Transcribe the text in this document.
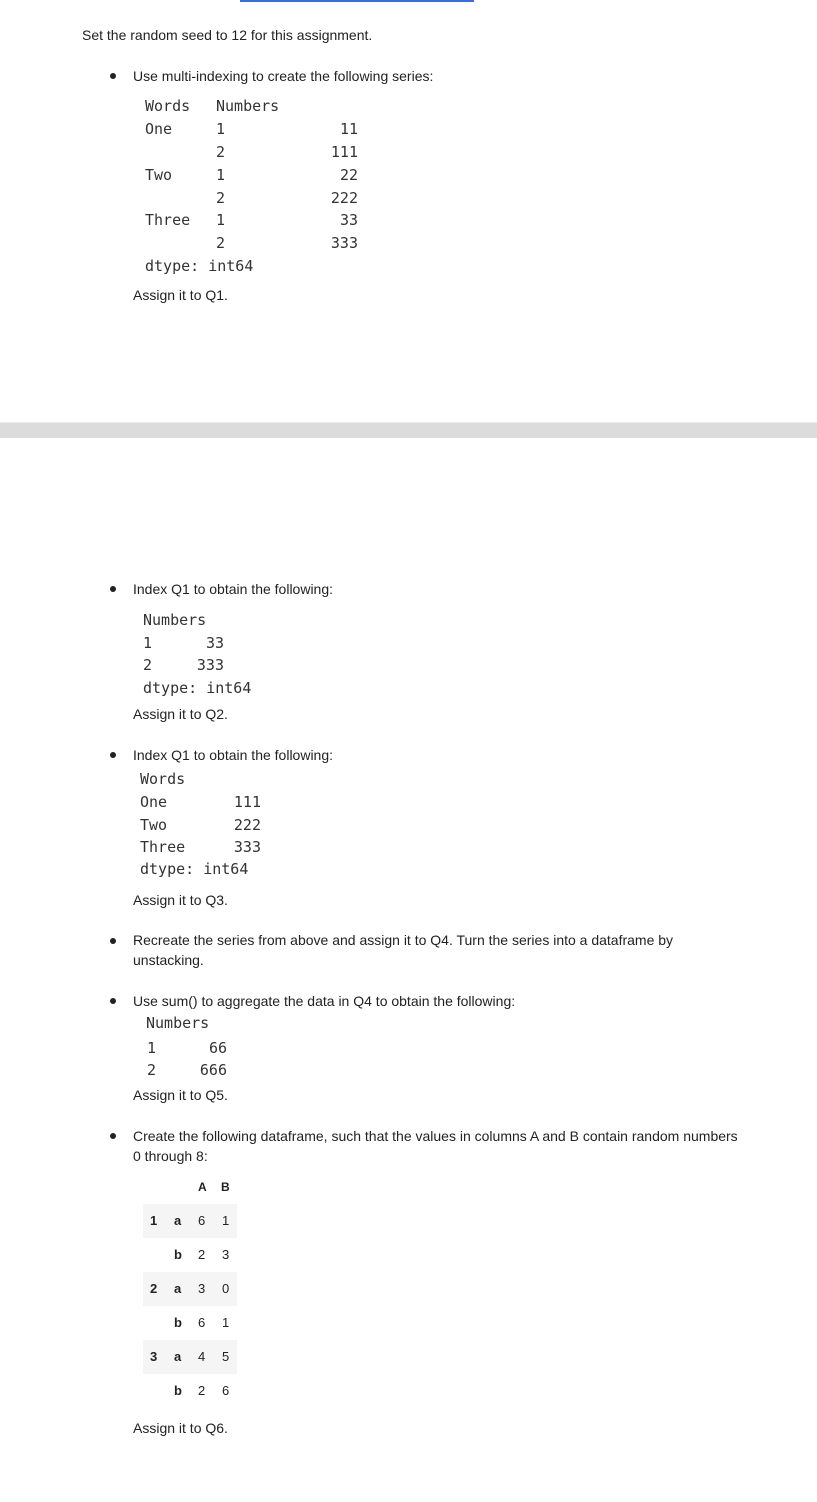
Set the random seed to 12 for this assignment.
Use multi-indexing to create the following series:
Words Numbers
One	1	11
2	111
Two	1	22
2	222
Three 1	33
2	333
dtype: int64
Assign it to Q1.
Index Q1 to obtain the following:
Numbers
1	33
2	333
dtype: int64
Assign it to Q2.
Index Q1 to obtain the following:
Words
One	111
Two	222
Three	333
dtype: int64
Assign it to Q3.
Recreate the series from above and assign it to Q4. Turn the series into a dataframe by unstacking.
Use sum() to aggregate the data in Q4 to obtain the following:
Numbers
1	66
2	666
Assign it to Q5.
Create the following dataframe, such that the values in columns A and B contain random numbers 0 through 8:
A B
1 a 6 1
b 2 3
2 a 3 0
b 6 1
3 a 4 5
b 2 6
Assign it to Q6.
